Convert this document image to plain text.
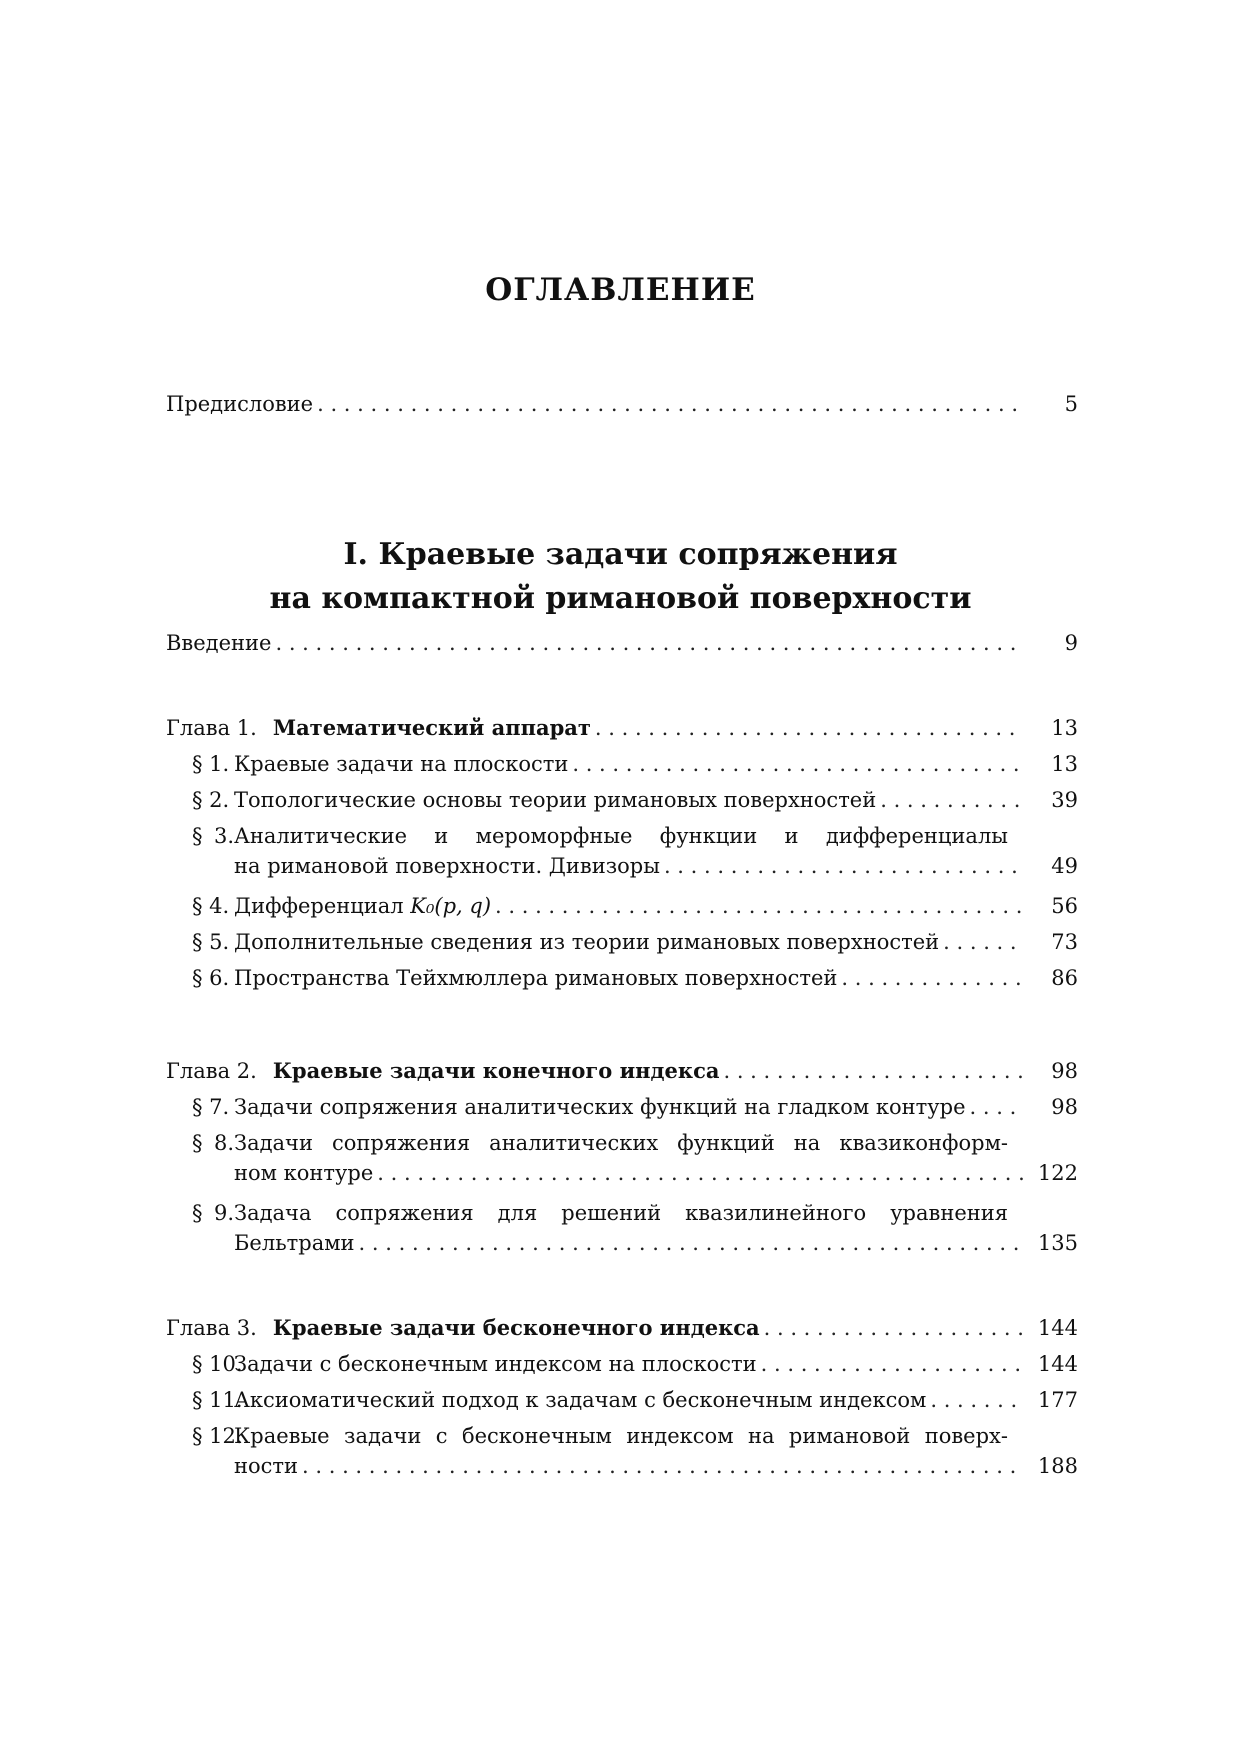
ОГЛАВЛЕНИЕ
Предисловие . . .	5
I. Краевые задачи сопряжения
на компактной римановой поверхности
Введение . . .	9
Глава 1. Математический аппарат . . .	13
§ 1. Краевые задачи на плоскости . . .	13
§ 2. Топологические основы теории римановых поверхностей . . .	39
§ 3.Аналитические и мероморфные функции и дифференциалы
на римановой поверхности. Дивизоры . . .	49
§ 4. Дифференциал K₀(p, q) . . .	56
§ 5. Дополнительные сведения из теории римановых поверхностей . . .	73
§ 6. Пространства Тейхмюллера римановых поверхностей . . .	86
Глава 2. Краевые задачи конечного индекса . . .	98
§ 7. Задачи сопряжения аналитических функций на гладком контуре . . .	98
§ 8.Задачи сопряжения аналитических функций на квазиконформ-
ном контуре . . .	122
§ 9.Задача сопряжения для решений квазилинейного уравнения
Бельтрами . . .	135
Глава 3. Краевые задачи бесконечного индекса . . .	144
§ 10.Задачи с бесконечным индексом на плоскости . . .	144
§ 11.Аксиоматический подход к задачам с бесконечным индексом . . .	177
§ 12.Краевые задачи с бесконечным индексом на римановой поверх-
ности . . .	188
